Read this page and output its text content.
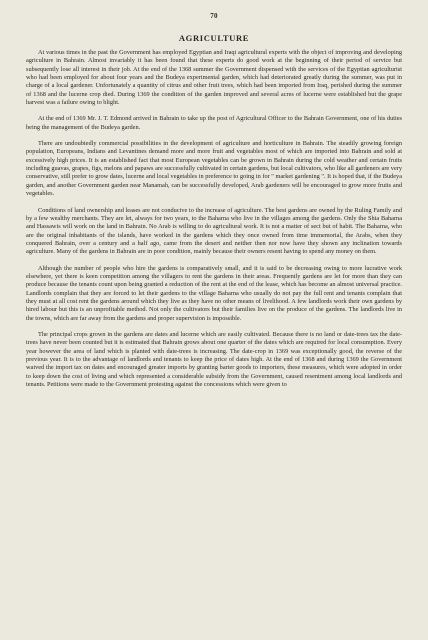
70
AGRICULTURE

At various times in the past the Government has employed Egyptian and Iraqi agricultural experts with the object of improving and developing agriculture in Bahrain. Almost invariably it has been found that these experts do good work at the beginning of their period of service but subsequently lose all interest in their job. At the end of the 1368 summer the Government dispensed with the services of the Egyptian agriculturist who had been employed for about four years and the Budeya experimental garden, which had deteriorated greatly during the summer, was put in charge of a local gardener. Unfortunately a quantity of citrus and other fruit trees, which had been imported from Iraq, perished during the summer of 1368 and the lucerne crop died. During 1369 the condition of the garden improved and several acres of lucerne were established but the grape harvest was a failure owing to blight.

At the end of 1369 Mr. J. T. Edmond arrived in Bahrain to take up the post of Agricultural Officer to the Bahrain Government, one of his duties being the management of the Budeya garden.

There are undoubtedly commercial possibilities in the development of agriculture and horticulture in Bahrain. The steadily growing foreign population, Europeans, Indians and Levantines demand more and more fruit and vegetables most of which are imported into Bahrain and sold at excessively high prices. It is an established fact that most European vegetables can be grown in Bahrain during the cold weather and certain fruits including guavas, grapes, figs, melons and papaws are successfully cultivated in certain gardens, but local cultivators, who like all gardeners are very conservative, still prefer to grow dates, lucerne and local vegetables in preference to going in for " market gardening ". It is hoped that, if the Budeya garden, and another Government garden near Manamah, can be successfully developed, Arab gardeners will be encouraged to grow more fruits and vegetables.

Conditions of land ownership and leases are not conducive to the increase of agriculture. The best gardens are owned by the Ruling Family and by a few wealthy merchants. They are let, always for two years, to the Baharna who live in the villages among the gardens. Only the Shia Baharna and Hassawis will work on the land in Bahrain. No Arab is willing to do agricultural work. It is not a matter of sect but of habit. The Baharna, who are the original inhabitants of the islands, have worked in the gardens which they once owned from time immemorial, the Arabs, when they conquered Bahrain, over a century and a half ago, came from the desert and neither then nor now have they shown any inclination towards agriculture. Many of the gardens in Bahrain are in poor condition, mainly because their owners resent having to spend any money on them.

Although the number of people who hire the gardens is comparatively small, and it is said to be decreasing owing to more lucrative work elsewhere, yet there is keen competition among the villagers to rent the gardens in their areas. Frequently gardens are let for more than they can produce because the tenants count upon being granted a reduction of the rent at the end of the lease, which has become an almost universal practice. Landlords complain that they are forced to let their gardens to the village Baharna who usually do not pay the full rent and tenants complain that they must at all cost rent the gardens around which they live as they have no other means of livelihood. A few landlords work their own gardens by hired labour but this is an unprofitable method. Not only the cultivators but their families live on the produce of the gardens. The landlords live in the towns, which are far away from the gardens and proper supervision is impossible.

The principal crops grown in the gardens are dates and lucerne which are easily cultivated. Because there is no land or date-trees tax the date-trees have never been counted but it is estimated that Bahrain grows about one quarter of the dates which are required for local consumption. Every year however the area of land which is planted with date-trees is increasing. The date-crop in 1369 was exceptionally good, the reverse of the previous year. It is to the advantage of landlords and tenants to keep the price of dates high. At the end of 1368 and during 1369 the Government waived the import tax on dates and encouraged greater imports by granting barter goods to importers, these measures, which were adopted in order to keep down the cost of living and which represented a considerable subsidy from the Government, caused resentment among local landlords and tenants. Petitions were made to the Government protesting against the concessions which were given to
